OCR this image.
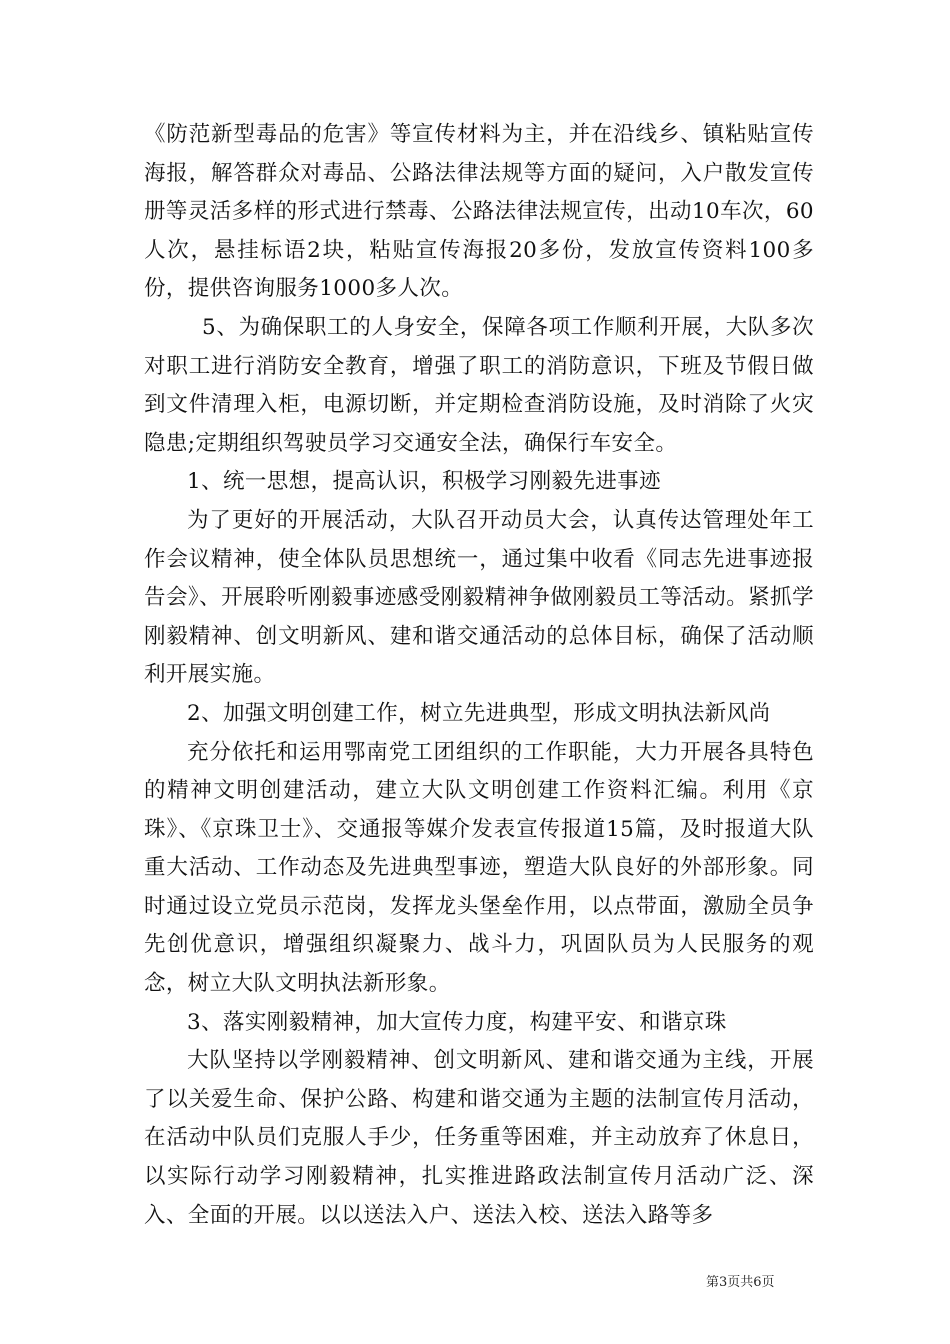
《防范新型毒品的危害》等宣传材料为主，并在沿线乡、镇粘贴宣传海报，解答群众对毒品、公路法律法规等方面的疑问，入户散发宣传册等灵活多样的形式进行禁毒、公路法律法规宣传，出动10车次，60人次，悬挂标语2块，粘贴宣传海报20多份，发放宣传资料100多份，提供咨询服务1000多人次。

5、为确保职工的人身安全，保障各项工作顺利开展，大队多次对职工进行消防安全教育，增强了职工的消防意识，下班及节假日做到文件清理入柜，电源切断，并定期检查消防设施，及时消除了火灾隐患;定期组织驾驶员学习交通安全法，确保行车安全。

1、统一思想，提高认识，积极学习刚毅先进事迹

为了更好的开展活动，大队召开动员大会，认真传达管理处年工作会议精神，使全体队员思想统一，通过集中收看《同志先进事迹报告会》、开展聆听刚毅事迹感受刚毅精神争做刚毅员工等活动。紧抓学刚毅精神、创文明新风、建和谐交通活动的总体目标，确保了活动顺利开展实施。

2、加强文明创建工作，树立先进典型，形成文明执法新风尚

充分依托和运用鄂南党工团组织的工作职能，大力开展各具特色的精神文明创建活动，建立大队文明创建工作资料汇编。利用《京珠》、《京珠卫士》、交通报等媒介发表宣传报道15篇，及时报道大队重大活动、工作动态及先进典型事迹，塑造大队良好的外部形象。同时通过设立党员示范岗，发挥龙头堡垒作用，以点带面，激励全员争先创优意识，增强组织凝聚力、战斗力，巩固队员为人民服务的观念，树立大队文明执法新形象。

3、落实刚毅精神，加大宣传力度，构建平安、和谐京珠

大队坚持以学刚毅精神、创文明新风、建和谐交通为主线，开展了以关爱生命、保护公路、构建和谐交通为主题的法制宣传月活动，在活动中队员们克服人手少，任务重等困难，并主动放弃了休息日，以实际行动学习刚毅精神，扎实推进路政法制宣传月活动广泛、深入、全面的开展。以以送法入户、送法入校、送法入路等多

第3页共6页
